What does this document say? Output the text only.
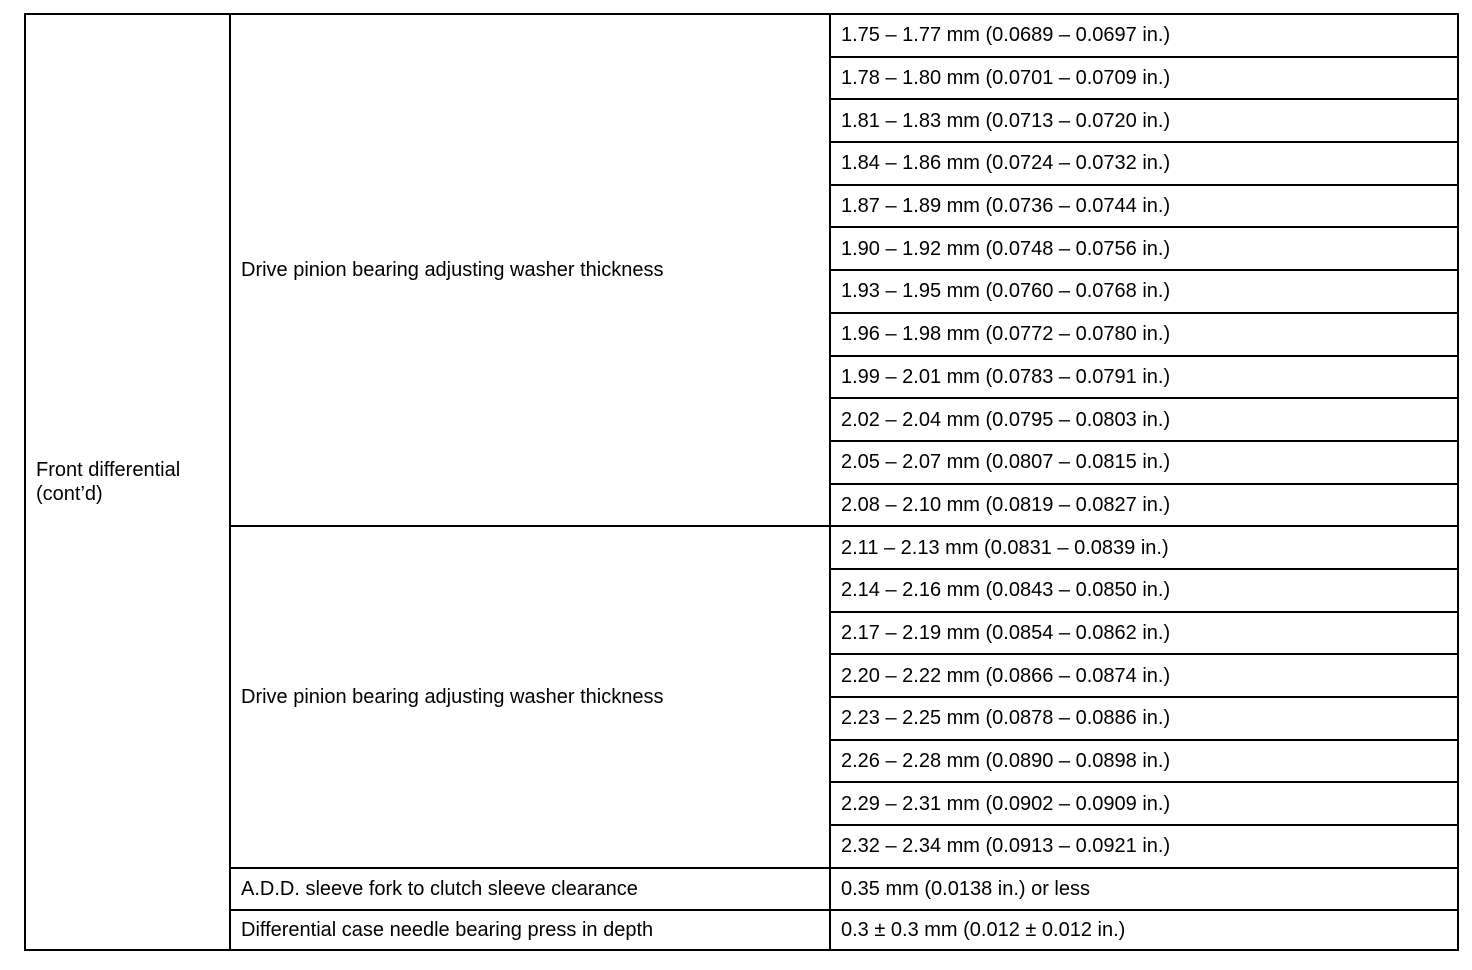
Front differential
(cont’d)	Drive pinion bearing adjusting washer thickness	1.75 – 1.77 mm (0.0689 – 0.0697 in.)
		1.78 – 1.80 mm (0.0701 – 0.0709 in.)
		1.81 – 1.83 mm (0.0713 – 0.0720 in.)
		1.84 – 1.86 mm (0.0724 – 0.0732 in.)
		1.87 – 1.89 mm (0.0736 – 0.0744 in.)
		1.90 – 1.92 mm (0.0748 – 0.0756 in.)
		1.93 – 1.95 mm (0.0760 – 0.0768 in.)
		1.96 – 1.98 mm (0.0772 – 0.0780 in.)
		1.99 – 2.01 mm (0.0783 – 0.0791 in.)
		2.02 – 2.04 mm (0.0795 – 0.0803 in.)
		2.05 – 2.07 mm (0.0807 – 0.0815 in.)
		2.08 – 2.10 mm (0.0819 – 0.0827 in.)
	Drive pinion bearing adjusting washer thickness	2.11 – 2.13 mm (0.0831 – 0.0839 in.)
		2.14 – 2.16 mm (0.0843 – 0.0850 in.)
		2.17 – 2.19 mm (0.0854 – 0.0862 in.)
		2.20 – 2.22 mm (0.0866 – 0.0874 in.)
		2.23 – 2.25 mm (0.0878 – 0.0886 in.)
		2.26 – 2.28 mm (0.0890 – 0.0898 in.)
		2.29 – 2.31 mm (0.0902 – 0.0909 in.)
		2.32 – 2.34 mm (0.0913 – 0.0921 in.)
	A.D.D. sleeve fork to clutch sleeve clearance	0.35 mm (0.0138 in.) or less
	Differential case needle bearing press in depth	0.3 ± 0.3 mm (0.012 ± 0.012 in.)
